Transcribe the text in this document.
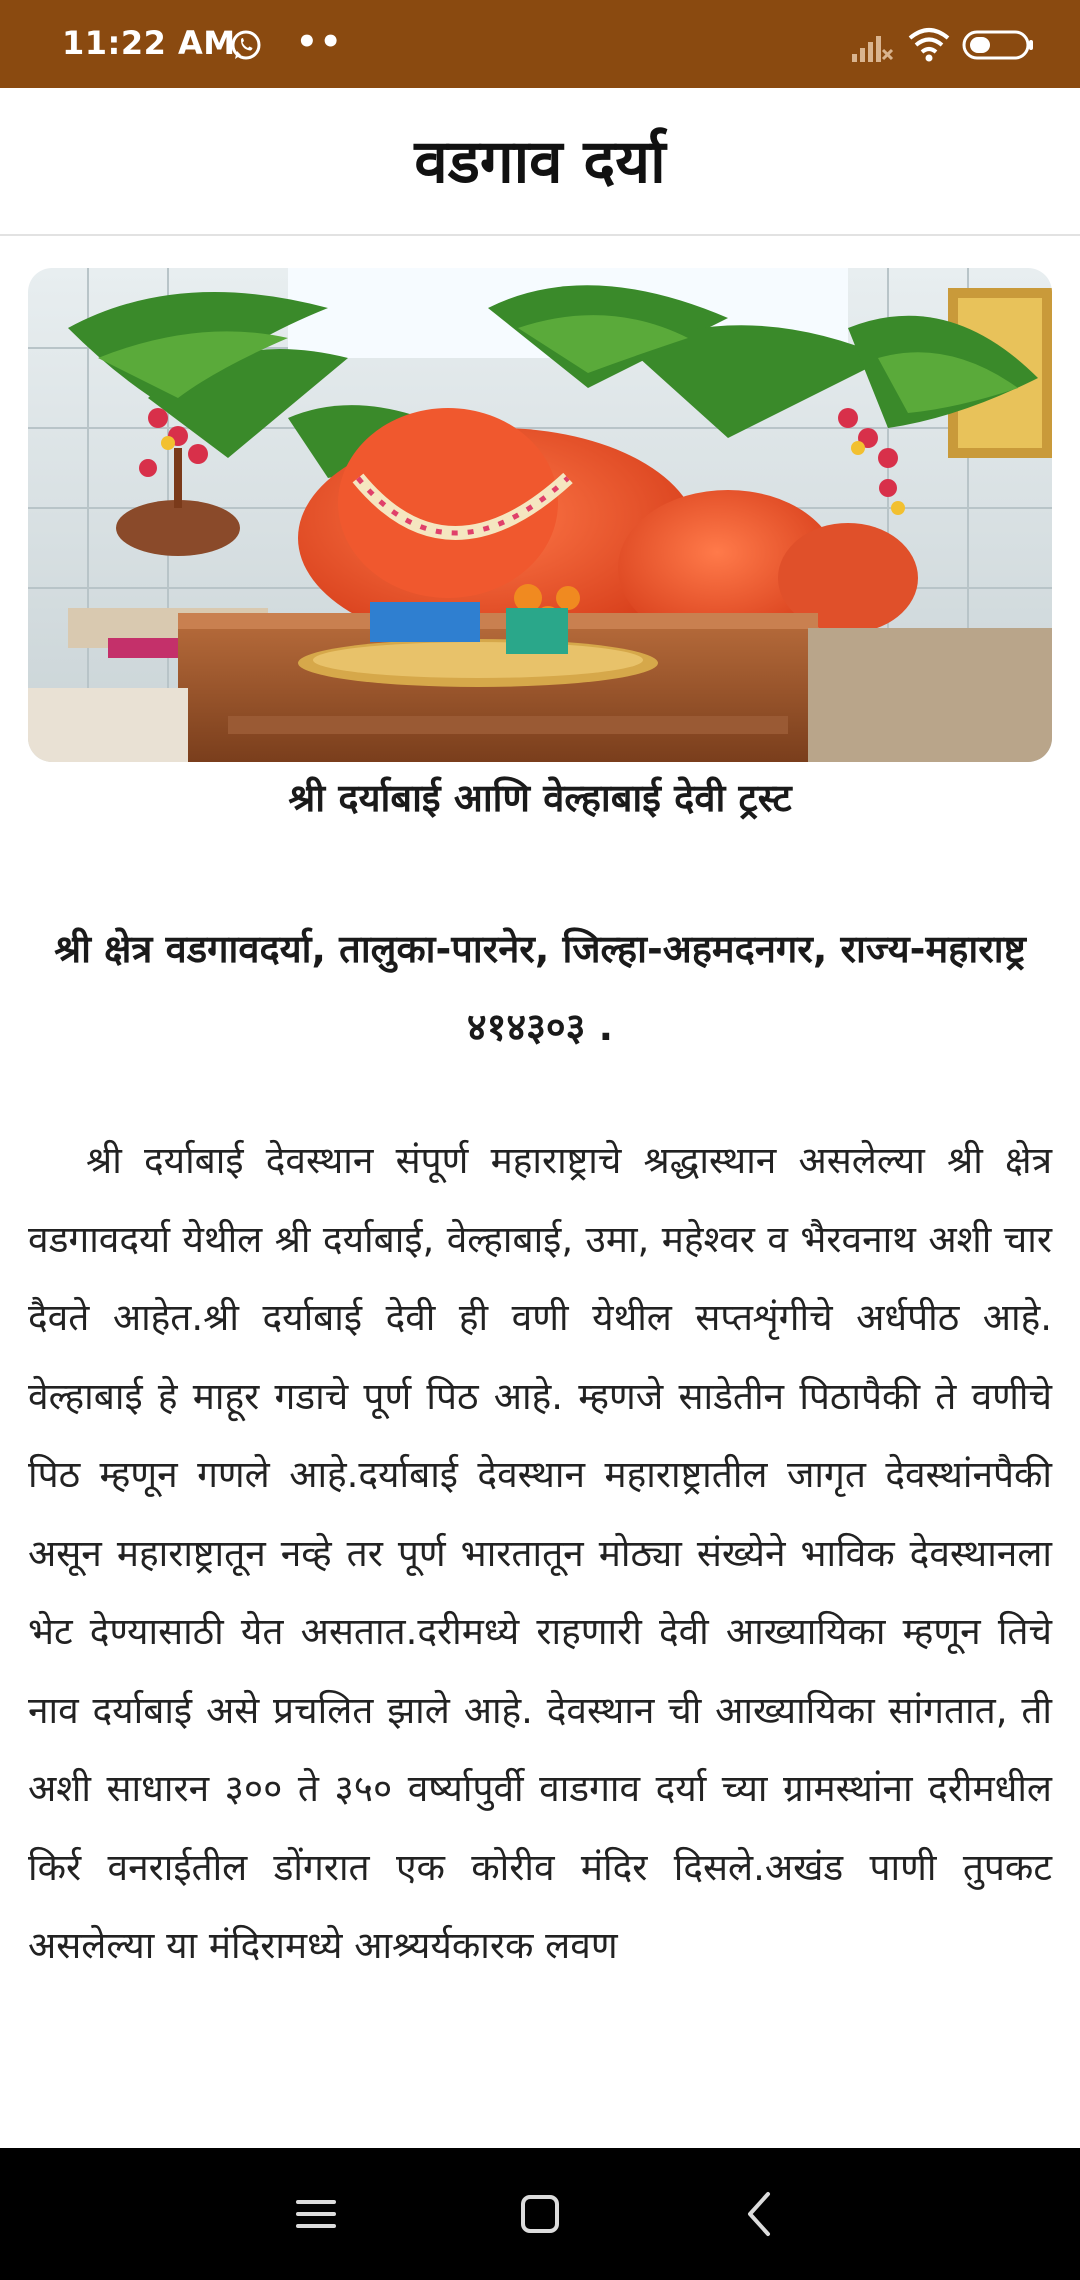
11:22 AM ••
वडगाव दर्या
श्री दर्याबाई आणि वेल्हाबाई देवी ट्रस्ट
श्री क्षेत्र वडगावदर्या, तालुका-पारनेर, जिल्हा-अहमदनगर, राज्य-महाराष्ट्र ४१४३०३ .
श्री दर्याबाई देवस्थान संपूर्ण महाराष्ट्राचे श्रद्धास्थान असलेल्या श्री क्षेत्र वडगावदर्या येथील श्री दर्याबाई, वेल्हाबाई, उमा, महेश्वर व भैरवनाथ अशी चार दैवते आहेत.श्री दर्याबाई देवी ही वणी येथील सप्तशृंगीचे अर्धपीठ आहे. वेल्हाबाई हे माहूर गडाचे पूर्ण पिठ आहे. म्हणजे साडेतीन पिठापैकी ते वणीचे पिठ म्हणून गणले आहे.दर्याबाई देवस्थान महाराष्ट्रातील जागृत देवस्थांनपैकी असून महाराष्ट्रातून नव्हे तर पूर्ण भारतातून मोठ्या संख्येने भाविक देवस्थानला भेट देण्यासाठी येत असतात.दरीमध्ये राहणारी देवी आख्यायिका म्हणून तिचे नाव दर्याबाई असे प्रचलित झाले आहे. देवस्थान ची आख्यायिका सांगतात, ती अशी साधारन ३०० ते ३५० वर्ष्यापुर्वी वाडगाव दर्या च्या ग्रामस्थांना दरीमधील किर्र वनराईतील डोंगरात एक कोरीव मंदिर दिसले.अखंड पाणी तुपकट असलेल्या या मंदिरामध्ये आश्र्यर्यकारक लवण
